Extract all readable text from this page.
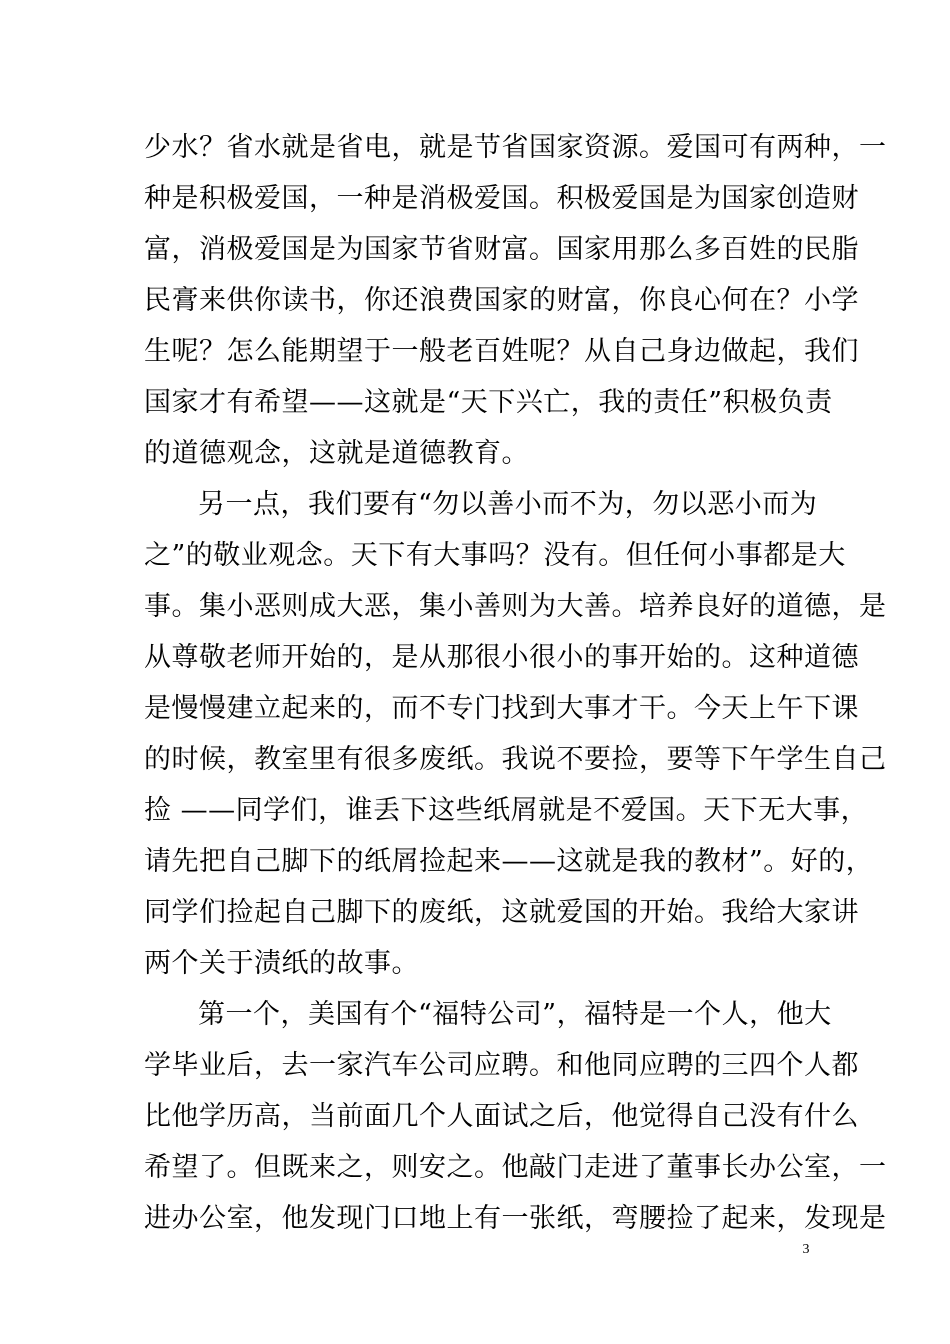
少水？省水就是省电，就是节省国家资源。爱国可有两种，一
种是积极爱国，一种是消极爱国。积极爱国是为国家创造财
富，消极爱国是为国家节省财富。国家用那么多百姓的民脂
民膏来供你读书，你还浪费国家的财富，你良心何在？小学
生呢？怎么能期望于一般老百姓呢？从自己身边做起，我们
国家才有希望——这就是“天下兴亡，我的责任”积极负责
的道德观念，这就是道德教育。
另一点，我们要有“勿以善小而不为，勿以恶小而为
之”的敬业观念。天下有大事吗？没有。但任何小事都是大
事。集小恶则成大恶，集小善则为大善。培养良好的道德，是
从尊敬老师开始的，是从那很小很小的事开始的。这种道德
是慢慢建立起来的，而不专门找到大事才干。今天上午下课
的时候，教室里有很多废纸。我说不要捡，要等下午学生自己
捡 ——同学们，谁丢下这些纸屑就是不爱国。天下无大事，
请先把自己脚下的纸屑捡起来——这就是我的教材”。好的，
同学们捡起自己脚下的废纸，这就爱国的开始。我给大家讲
两个关于渍纸的故事。
第一个，美国有个“福特公司”，福特是一个人，他大
学毕业后，去一家汽车公司应聘。和他同应聘的三四个人都
比他学历高，当前面几个人面试之后，他觉得自己没有什么
希望了。但既来之，则安之。他敲门走进了董事长办公室，一
进办公室，他发现门口地上有一张纸，弯腰捡了起来，发现是
3
